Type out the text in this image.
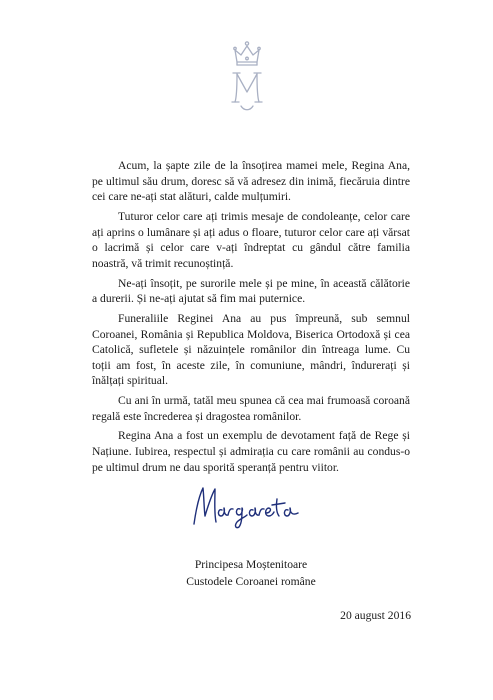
Acum, la șapte zile de la însoțirea mamei mele, Regina Ana, pe ultimul său drum, doresc să vă adresez din inimă, fiecăruia dintre cei care ne-ați stat alături, calde mulțumiri.

Tuturor celor care ați trimis mesaje de condoleanțe, celor care ați aprins o lumânare și ați adus o floare, tuturor celor care ați vărsat o lacrimă și celor care v-ați îndreptat cu gândul către familia noastră, vă trimit recunoștință.

Ne-ați însoțit, pe surorile mele și pe mine, în această călătorie a durerii. Și ne-ați ajutat să fim mai puternice.

Funeraliile Reginei Ana au pus împreună, sub semnul Coroanei, România și Republica Moldova, Biserica Ortodoxă și cea Catolică, sufletele și năzuințele românilor din întreaga lume. Cu toții am fost, în aceste zile, în comuniune, mândri, îndurerați și înălțați spiritual.

Cu ani în urmă, tatăl meu spunea că cea mai frumoasă coroană regală este încrederea și dragostea românilor.

Regina Ana a fost un exemplu de devotament față de Rege și Națiune. Iubirea, respectul și admirația cu care românii au condus-o pe ultimul drum ne dau sporită speranță pentru viitor.

Principesa Moștenitoare
Custodele Coroanei române
20 august 2016
